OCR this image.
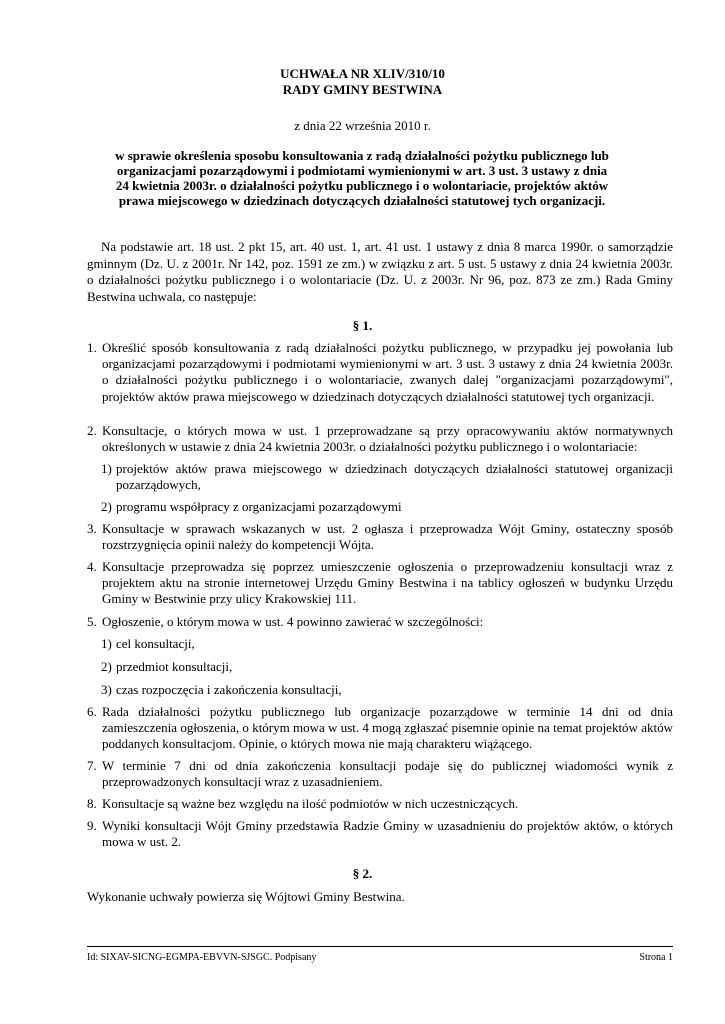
UCHWAŁA NR XLIV/310/10
RADY GMINY BESTWINA
z dnia 22 września 2010 r.
w sprawie określenia sposobu konsultowania z radą działalności pożytku publicznego lub organizacjami pozarządowymi i podmiotami wymienionymi w art. 3 ust. 3 ustawy z dnia 24 kwietnia 2003r. o działalności pożytku publicznego i o wolontariacie, projektów aktów prawa miejscowego w dziedzinach dotyczących działalności statutowej tych organizacji.
Na podstawie art. 18 ust. 2 pkt 15, art. 40 ust. 1, art. 41 ust. 1 ustawy z dnia 8 marca 1990r. o samorządzie gminnym (Dz. U. z 2001r. Nr 142, poz. 1591 ze zm.) w związku z art. 5 ust. 5 ustawy z dnia 24 kwietnia 2003r. o działalności pożytku publicznego i o wolontariacie (Dz. U. z 2003r. Nr 96, poz. 873 ze zm.) Rada Gminy Bestwina uchwala, co następuje:
§ 1.
1. Określić sposób konsultowania z radą działalności pożytku publicznego, w przypadku jej powołania lub organizacjami pozarządowymi i podmiotami wymienionymi w art. 3 ust. 3 ustawy z dnia 24 kwietnia 2003r. o działalności pożytku publicznego i o wolontariacie, zwanych dalej "organizacjami pozarządowymi", projektów aktów prawa miejscowego w dziedzinach dotyczących działalności statutowej tych organizacji.
2. Konsultacje, o których mowa w ust. 1 przeprowadzane są przy opracowywaniu aktów normatywnych określonych w ustawie z dnia 24 kwietnia 2003r. o działalności pożytku publicznego i o wolontariacie:
1) projektów aktów prawa miejscowego w dziedzinach dotyczących działalności statutowej organizacji pozarządowych,
2) programu współpracy z organizacjami pozarządowymi
3. Konsultacje w sprawach wskazanych w ust. 2 ogłasza i przeprowadza Wójt Gminy, ostateczny sposób rozstrzygnięcia opinii należy do kompetencji Wójta.
4. Konsultacje przeprowadza się poprzez umieszczenie ogłoszenia o przeprowadzeniu konsultacji wraz z projektem aktu na stronie internetowej Urzędu Gminy Bestwina i na tablicy ogłoszeń w budynku Urzędu Gminy w Bestwinie przy ulicy Krakowskiej 111.
5. Ogłoszenie, o którym mowa w ust. 4 powinno zawierać w szczególności:
1) cel konsultacji,
2) przedmiot konsultacji,
3) czas rozpoczęcia i zakończenia konsultacji,
6. Rada działalności pożytku publicznego lub organizacje pozarządowe w terminie 14 dni od dnia zamieszczenia ogłoszenia, o którym mowa w ust. 4 mogą zgłaszać pisemnie opinie na temat projektów aktów poddanych konsultacjom. Opinie, o których mowa nie mają charakteru wiążącego.
7. W terminie 7 dni od dnia zakończenia konsultacji podaje się do publicznej wiadomości wynik z przeprowadzonych konsultacji wraz z uzasadnieniem.
8. Konsultacje są ważne bez względu na ilość podmiotów w nich uczestniczących.
9. Wyniki konsultacji Wójt Gminy przedstawia Radzie Gminy w uzasadnieniu do projektów aktów, o których mowa w ust. 2.
§ 2.
Wykonanie uchwały powierza się Wójtowi Gminy Bestwina.
Id: SIXAV-SICNG-EGMPA-EBVVN-SJSGC. Podpisany	Strona 1
